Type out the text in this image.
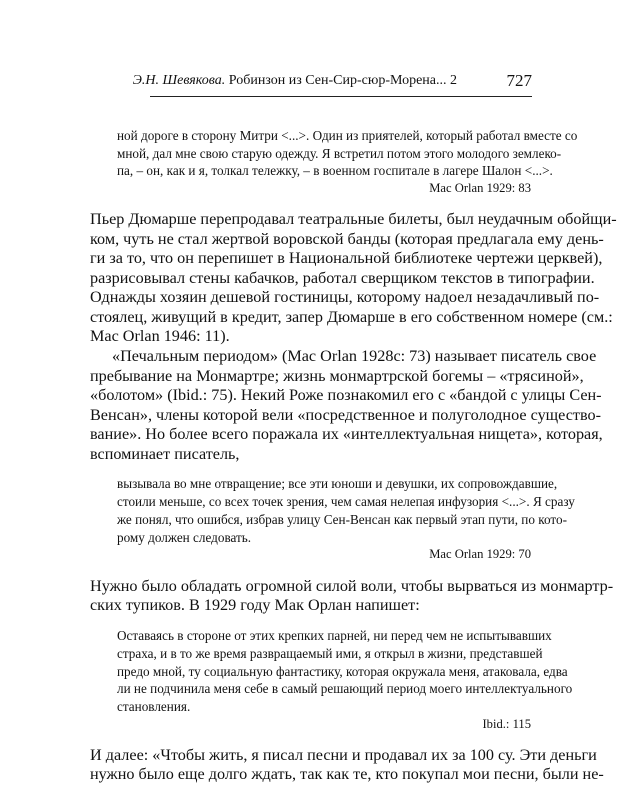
Э.Н. Шевякова. Робинзон из Сен-Сир-сюр-Морена... 2	727
ной дороге в сторону Митри <...>. Один из приятелей, который работал вместе со
мной, дал мне свою старую одежду. Я встретил потом этого молодого землеко-
па, – он, как и я, толкал тележку, – в военном госпитале в лагере Шалон <...>.
Mac Orlan 1929: 83
Пьер Дюмарше перепродавал театральные билеты, был неудачным обойщи-
ком, чуть не стал жертвой воровской банды (которая предлагала ему день-
ги за то, что он перепишет в Национальной библиотеке чертежи церквей),
разрисовывал стены кабачков, работал сверщиком текстов в типографии.
Однажды хозяин дешевой гостиницы, которому надоел незадачливый по-
стоялец, живущий в кредит, запер Дюмарше в его собственном номере (см.:
Mac Orlan 1946: 11).
«Печальным периодом» (Mac Orlan 1928c: 73) называет писатель свое
пребывание на Монмартре; жизнь монмартрской богемы – «трясиной»,
«болотом» (Ibid.: 75). Некий Роже познакомил его с «бандой с улицы Сен-
Венсан», члены которой вели «посредственное и полуголодное существо-
вание». Но более всего поражала их «интеллектуальная нищета», которая,
вспоминает писатель,
вызывала во мне отвращение; все эти юноши и девушки, их сопровождавшие,
стоили меньше, со всех точек зрения, чем самая нелепая инфузория <...>. Я сразу
же понял, что ошибся, избрав улицу Сен-Венсан как первый этап пути, по кото-
рому должен следовать.
Mac Orlan 1929: 70
Нужно было обладать огромной силой воли, чтобы вырваться из монмартр-
ских тупиков. В 1929 году Мак Орлан напишет:
Оставаясь в стороне от этих крепких парней, ни перед чем не испытывавших
страха, и в то же время развращаемый ими, я открыл в жизни, представшей
предо мной, ту социальную фантастику, которая окружала меня, атаковала, едва
ли не подчинила меня себе в самый решающий период моего интеллектуального
становления.
Ibid.: 115
И далее: «Чтобы жить, я писал песни и продавал их за 100 су. Эти деньги
нужно было еще долго ждать, так как те, кто покупал мои песни, были не-
